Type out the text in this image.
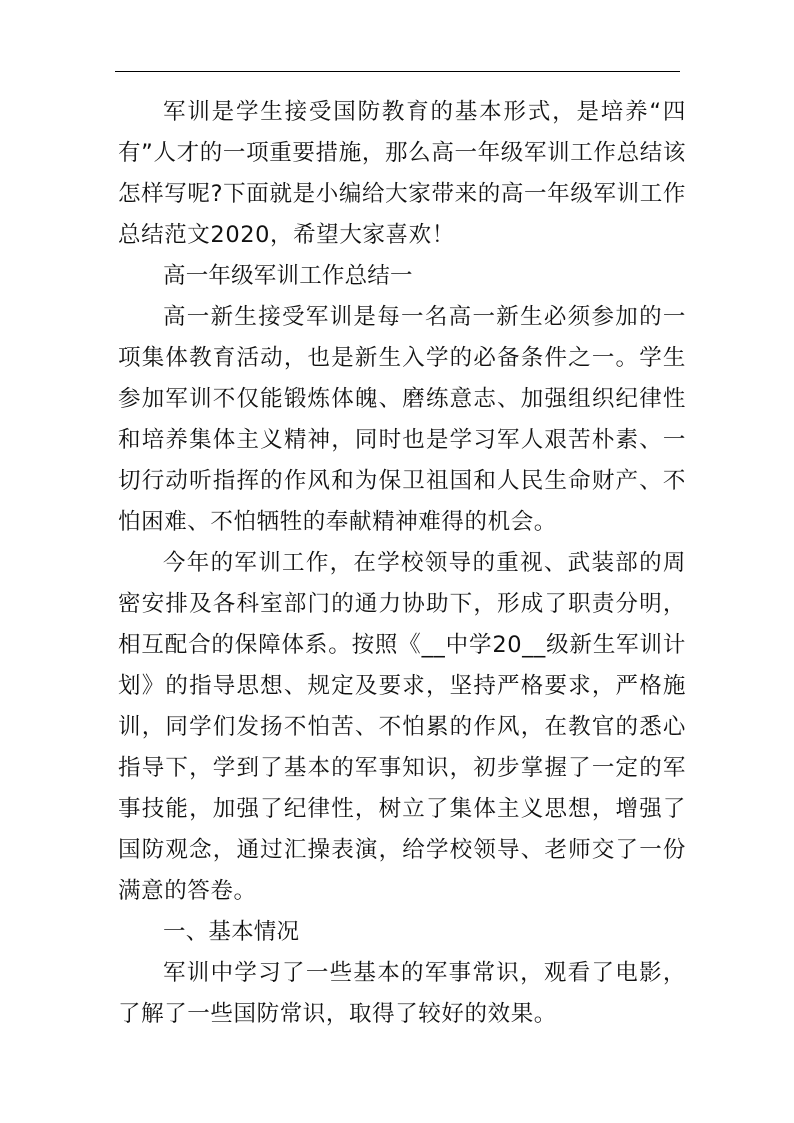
军训是学生接受国防教育的基本形式，是培养“四有”人才的一项重要措施，那么高一年级军训工作总结该怎样写呢?下面就是小编给大家带来的高一年级军训工作总结范文2020，希望大家喜欢！

高一年级军训工作总结一

高一新生接受军训是每一名高一新生必须参加的一项集体教育活动，也是新生入学的必备条件之一。学生参加军训不仅能锻炼体魄、磨练意志、加强组织纪律性和培养集体主义精神，同时也是学习军人艰苦朴素、一切行动听指挥的作风和为保卫祖国和人民生命财产、不怕困难、不怕牺牲的奉献精神难得的机会。

今年的军训工作，在学校领导的重视、武装部的周密安排及各科室部门的通力协助下，形成了职责分明，相互配合的保障体系。按照《__中学20__级新生军训计划》的指导思想、规定及要求，坚持严格要求，严格施训，同学们发扬不怕苦、不怕累的作风，在教官的悉心指导下，学到了基本的军事知识，初步掌握了一定的军事技能，加强了纪律性，树立了集体主义思想，增强了国防观念，通过汇操表演，给学校领导、老师交了一份满意的答卷。

一、基本情况

军训中学习了一些基本的军事常识，观看了电影，了解了一些国防常识，取得了较好的效果。
